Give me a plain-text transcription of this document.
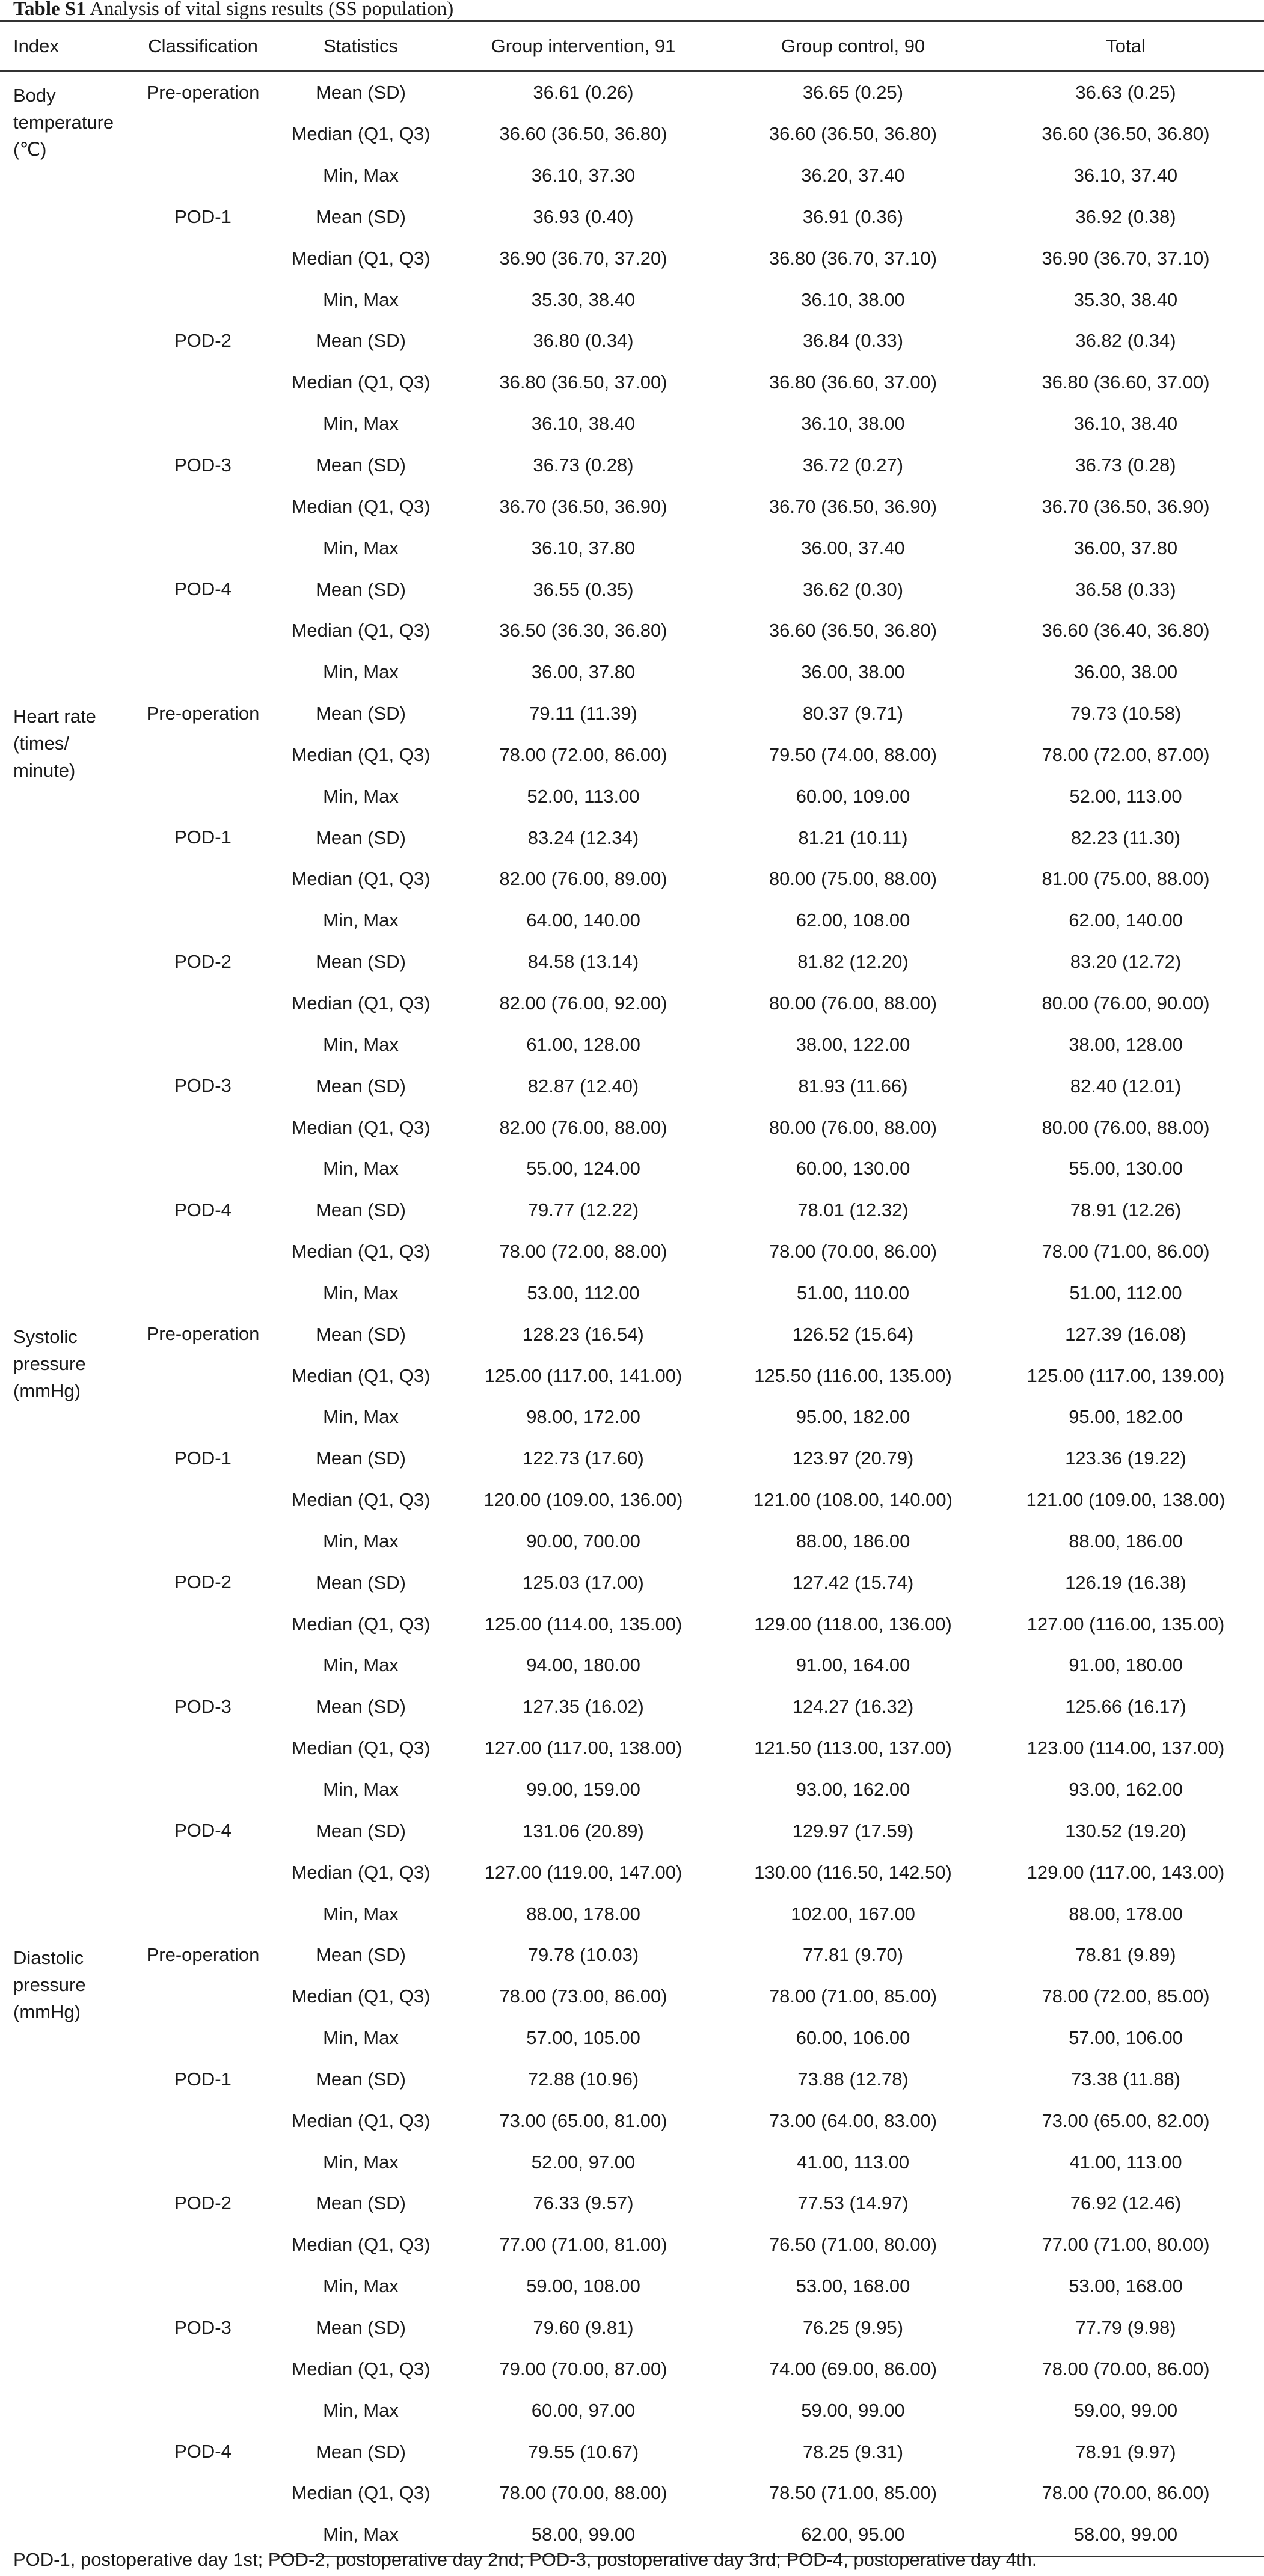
Table S1 Analysis of vital signs results (SS population)
Index	Classification	Statistics	Group intervention, 91	Group control, 90	Total
Body temperature (℃)	Pre-operation	Mean (SD)	36.61 (0.26)	36.65 (0.25)	36.63 (0.25)
		Median (Q1, Q3)	36.60 (36.50, 36.80)	36.60 (36.50, 36.80)	36.60 (36.50, 36.80)
		Min, Max	36.10, 37.30	36.20, 37.40	36.10, 37.40
	POD-1	Mean (SD)	36.93 (0.40)	36.91 (0.36)	36.92 (0.38)
		Median (Q1, Q3)	36.90 (36.70, 37.20)	36.80 (36.70, 37.10)	36.90 (36.70, 37.10)
		Min, Max	35.30, 38.40	36.10, 38.00	35.30, 38.40
	POD-2	Mean (SD)	36.80 (0.34)	36.84 (0.33)	36.82 (0.34)
		Median (Q1, Q3)	36.80 (36.50, 37.00)	36.80 (36.60, 37.00)	36.80 (36.60, 37.00)
		Min, Max	36.10, 38.40	36.10, 38.00	36.10, 38.40
	POD-3	Mean (SD)	36.73 (0.28)	36.72 (0.27)	36.73 (0.28)
		Median (Q1, Q3)	36.70 (36.50, 36.90)	36.70 (36.50, 36.90)	36.70 (36.50, 36.90)
		Min, Max	36.10, 37.80	36.00, 37.40	36.00, 37.80
	POD-4	Mean (SD)	36.55 (0.35)	36.62 (0.30)	36.58 (0.33)
		Median (Q1, Q3)	36.50 (36.30, 36.80)	36.60 (36.50, 36.80)	36.60 (36.40, 36.80)
		Min, Max	36.00, 37.80	36.00, 38.00	36.00, 38.00
Heart rate (times/ minute)	Pre-operation	Mean (SD)	79.11 (11.39)	80.37 (9.71)	79.73 (10.58)
		Median (Q1, Q3)	78.00 (72.00, 86.00)	79.50 (74.00, 88.00)	78.00 (72.00, 87.00)
		Min, Max	52.00, 113.00	60.00, 109.00	52.00, 113.00
	POD-1	Mean (SD)	83.24 (12.34)	81.21 (10.11)	82.23 (11.30)
		Median (Q1, Q3)	82.00 (76.00, 89.00)	80.00 (75.00, 88.00)	81.00 (75.00, 88.00)
		Min, Max	64.00, 140.00	62.00, 108.00	62.00, 140.00
	POD-2	Mean (SD)	84.58 (13.14)	81.82 (12.20)	83.20 (12.72)
		Median (Q1, Q3)	82.00 (76.00, 92.00)	80.00 (76.00, 88.00)	80.00 (76.00, 90.00)
		Min, Max	61.00, 128.00	38.00, 122.00	38.00, 128.00
	POD-3	Mean (SD)	82.87 (12.40)	81.93 (11.66)	82.40 (12.01)
		Median (Q1, Q3)	82.00 (76.00, 88.00)	80.00 (76.00, 88.00)	80.00 (76.00, 88.00)
		Min, Max	55.00, 124.00	60.00, 130.00	55.00, 130.00
	POD-4	Mean (SD)	79.77 (12.22)	78.01 (12.32)	78.91 (12.26)
		Median (Q1, Q3)	78.00 (72.00, 88.00)	78.00 (70.00, 86.00)	78.00 (71.00, 86.00)
		Min, Max	53.00, 112.00	51.00, 110.00	51.00, 112.00
Systolic pressure (mmHg)	Pre-operation	Mean (SD)	128.23 (16.54)	126.52 (15.64)	127.39 (16.08)
		Median (Q1, Q3)	125.00 (117.00, 141.00)	125.50 (116.00, 135.00)	125.00 (117.00, 139.00)
		Min, Max	98.00, 172.00	95.00, 182.00	95.00, 182.00
	POD-1	Mean (SD)	122.73 (17.60)	123.97 (20.79)	123.36 (19.22)
		Median (Q1, Q3)	120.00 (109.00, 136.00)	121.00 (108.00, 140.00)	121.00 (109.00, 138.00)
		Min, Max	90.00, 700.00	88.00, 186.00	88.00, 186.00
	POD-2	Mean (SD)	125.03 (17.00)	127.42 (15.74)	126.19 (16.38)
		Median (Q1, Q3)	125.00 (114.00, 135.00)	129.00 (118.00, 136.00)	127.00 (116.00, 135.00)
		Min, Max	94.00, 180.00	91.00, 164.00	91.00, 180.00
	POD-3	Mean (SD)	127.35 (16.02)	124.27 (16.32)	125.66 (16.17)
		Median (Q1, Q3)	127.00 (117.00, 138.00)	121.50 (113.00, 137.00)	123.00 (114.00, 137.00)
		Min, Max	99.00, 159.00	93.00, 162.00	93.00, 162.00
	POD-4	Mean (SD)	131.06 (20.89)	129.97 (17.59)	130.52 (19.20)
		Median (Q1, Q3)	127.00 (119.00, 147.00)	130.00 (116.50, 142.50)	129.00 (117.00, 143.00)
		Min, Max	88.00, 178.00	102.00, 167.00	88.00, 178.00
Diastolic pressure (mmHg)	Pre-operation	Mean (SD)	79.78 (10.03)	77.81 (9.70)	78.81 (9.89)
		Median (Q1, Q3)	78.00 (73.00, 86.00)	78.00 (71.00, 85.00)	78.00 (72.00, 85.00)
		Min, Max	57.00, 105.00	60.00, 106.00	57.00, 106.00
	POD-1	Mean (SD)	72.88 (10.96)	73.88 (12.78)	73.38 (11.88)
		Median (Q1, Q3)	73.00 (65.00, 81.00)	73.00 (64.00, 83.00)	73.00 (65.00, 82.00)
		Min, Max	52.00, 97.00	41.00, 113.00	41.00, 113.00
	POD-2	Mean (SD)	76.33 (9.57)	77.53 (14.97)	76.92 (12.46)
		Median (Q1, Q3)	77.00 (71.00, 81.00)	76.50 (71.00, 80.00)	77.00 (71.00, 80.00)
		Min, Max	59.00, 108.00	53.00, 168.00	53.00, 168.00
	POD-3	Mean (SD)	79.60 (9.81)	76.25 (9.95)	77.79 (9.98)
		Median (Q1, Q3)	79.00 (70.00, 87.00)	74.00 (69.00, 86.00)	78.00 (70.00, 86.00)
		Min, Max	60.00, 97.00	59.00, 99.00	59.00, 99.00
	POD-4	Mean (SD)	79.55 (10.67)	78.25 (9.31)	78.91 (9.97)
		Median (Q1, Q3)	78.00 (70.00, 88.00)	78.50 (71.00, 85.00)	78.00 (70.00, 86.00)
		Min, Max	58.00, 99.00	62.00, 95.00	58.00, 99.00
POD-1, postoperative day 1st; POD-2, postoperative day 2nd; POD-3, postoperative day 3rd; POD-4, postoperative day 4th.
